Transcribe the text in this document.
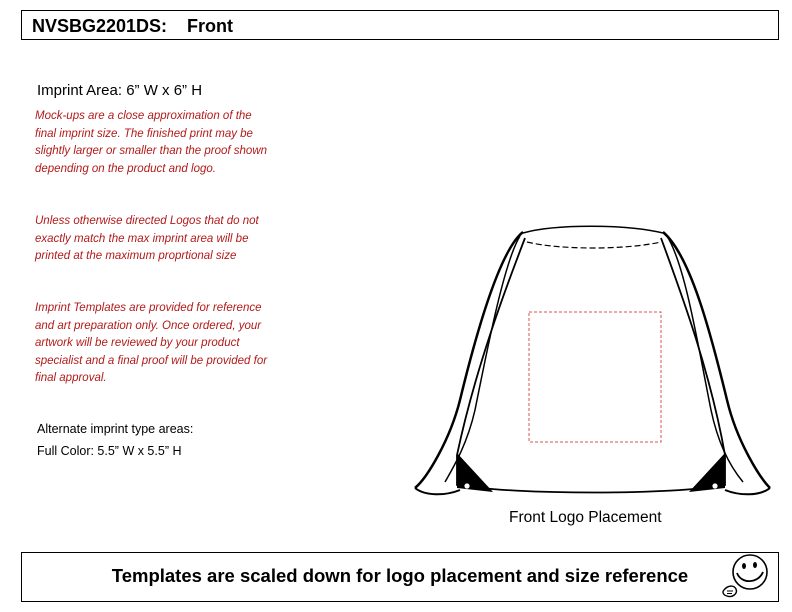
NVSBG2201DS:    Front
Imprint Area: 6” W x 6” H
Mock-ups are a close approximation of the final imprint size. The finished print may be slightly larger or smaller than the proof shown depending on the product and logo.
Unless otherwise directed Logos that do not exactly match the max imprint area will be printed at the maximum proprtional size
Imprint Templates are provided for reference and art preparation only. Once ordered, your artwork will be reviewed by your product specialist and a final proof will be provided for final approval.
Alternate imprint type areas:
Full Color: 5.5” W x 5.5” H
Front Logo Placement
Templates are scaled down for logo placement and size reference
